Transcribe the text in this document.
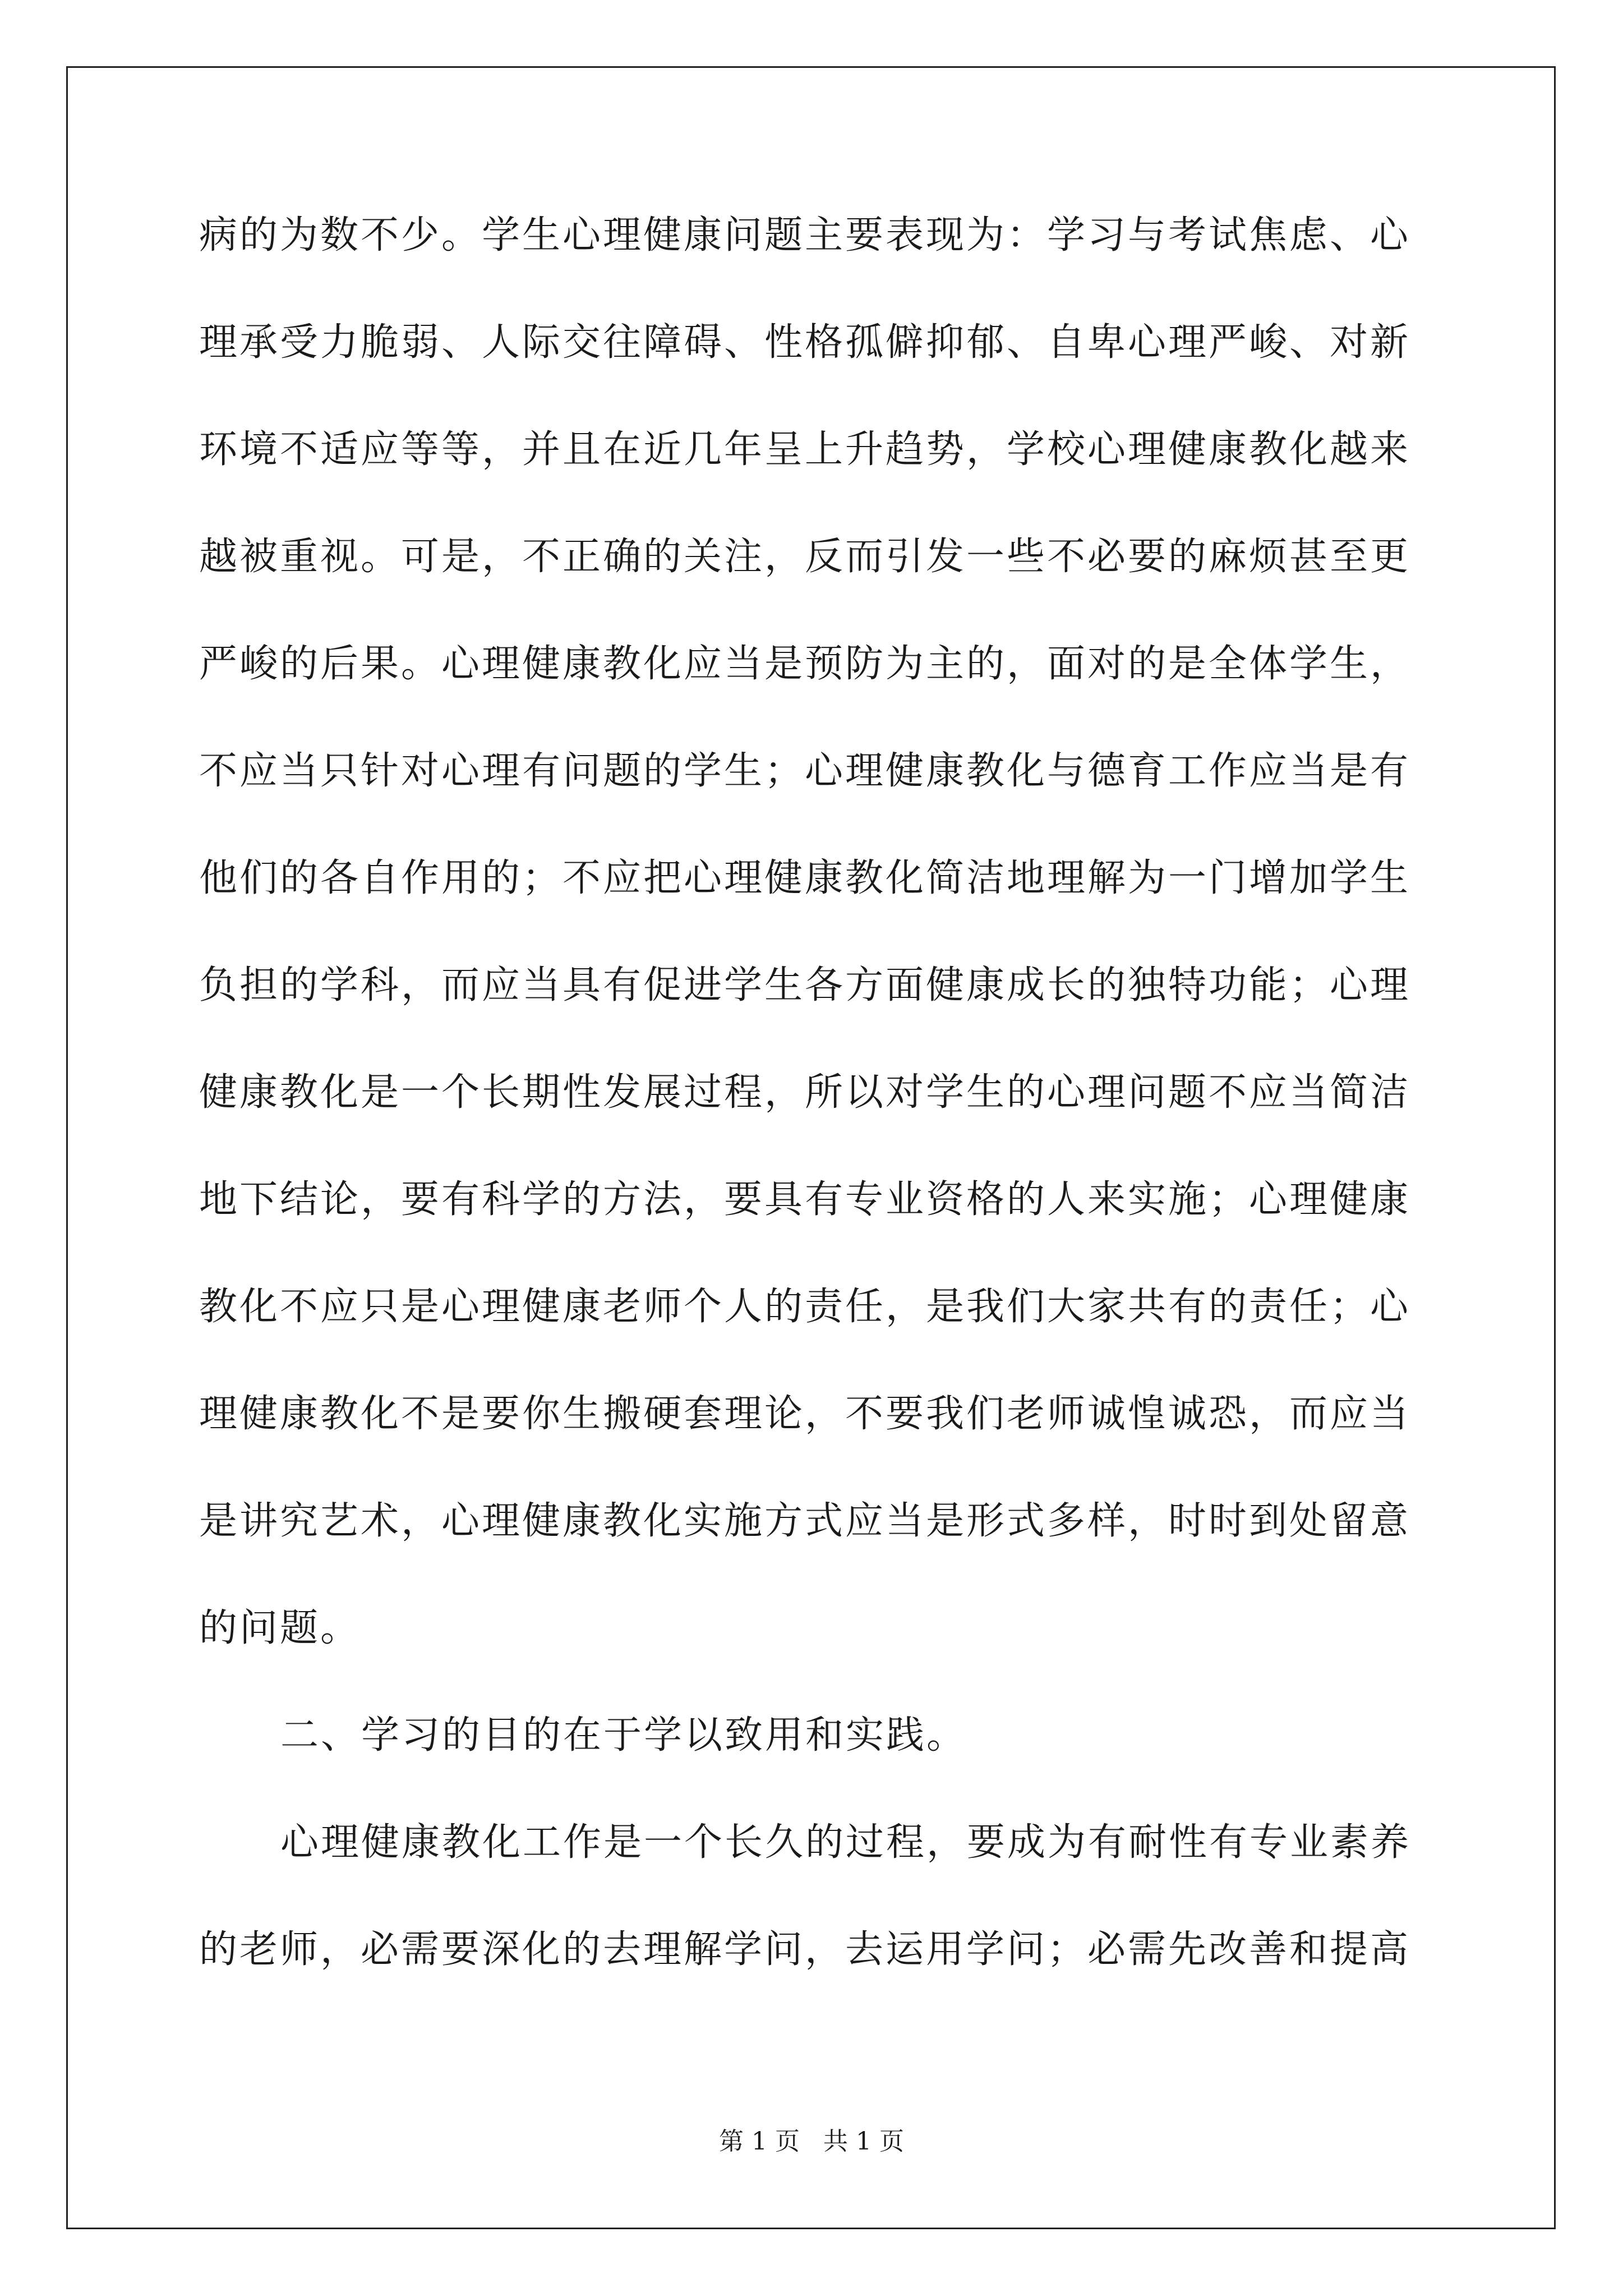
病的为数不少。学生心理健康问题主要表现为：学习与考试焦虑、心
理承受力脆弱、人际交往障碍、性格孤僻抑郁、自卑心理严峻、对新
环境不适应等等，并且在近几年呈上升趋势，学校心理健康教化越来
越被重视。可是，不正确的关注，反而引发一些不必要的麻烦甚至更
严峻的后果。心理健康教化应当是预防为主的，面对的是全体学生，
不应当只针对心理有问题的学生；心理健康教化与德育工作应当是有
他们的各自作用的；不应把心理健康教化简洁地理解为一门增加学生
负担的学科，而应当具有促进学生各方面健康成长的独特功能；心理
健康教化是一个长期性发展过程，所以对学生的心理问题不应当简洁
地下结论，要有科学的方法，要具有专业资格的人来实施；心理健康
教化不应只是心理健康老师个人的责任，是我们大家共有的责任；心
理健康教化不是要你生搬硬套理论，不要我们老师诚惶诚恐，而应当
是讲究艺术，心理健康教化实施方式应当是形式多样，时时到处留意
的问题。
二、学习的目的在于学以致用和实践。
心理健康教化工作是一个长久的过程，要成为有耐性有专业素养
的老师，必需要深化的去理解学问，去运用学问；必需先改善和提高
第 1 页   共 1 页
